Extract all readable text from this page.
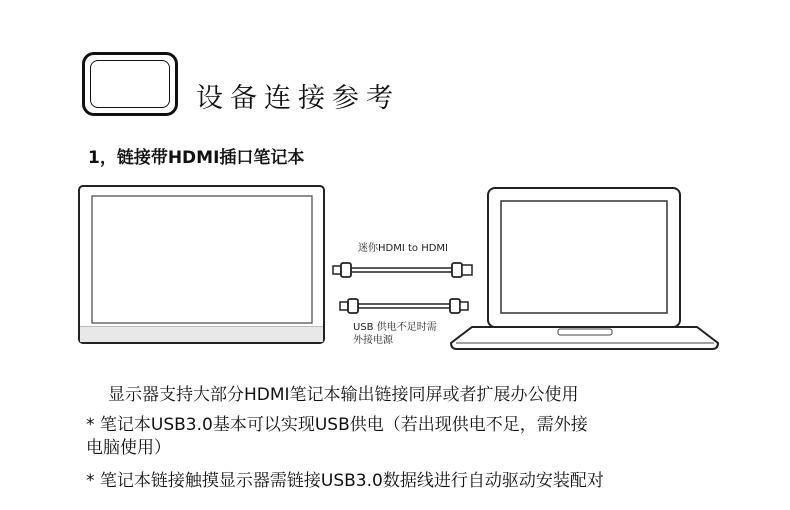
设备连接参考
1，链接带HDMI插口笔记本
迷你HDMI to HDMI
USB 供电不足时需
外接电源
显示器支持大部分HDMI笔记本输出链接同屏或者扩展办公使用
* 笔记本USB3.0基本可以实现USB供电（若出现供电不足，需外接
电脑使用）
* 笔记本链接触摸显示器需链接USB3.0数据线进行自动驱动安装配对
